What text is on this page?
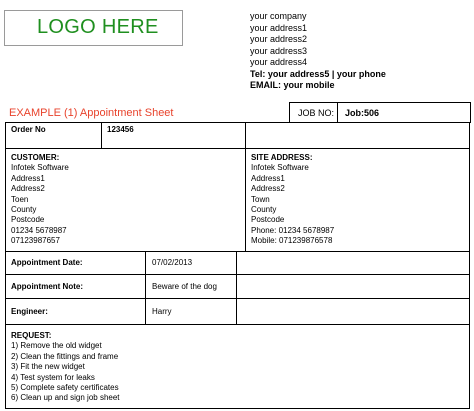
LOGO HERE	your company
your address1
your address2
your address3
your address4
Tel: your address5 | your phone
EMAIL: your mobile
EXAMPLE (1) Appointment Sheet	JOB NO: Job:506
Order No	123456
CUSTOMER:
Infotek Software
Address1
Address2
Toen
County
Postcode
01234 5678987
07123987657
SITE ADDRESS:
Infotek Software
Address1
Address2
Town
County
Postcode
Phone: 01234 5678987
Mobile: 071239876578
Appointment Date:	07/02/2013
Appointment Note:	Beware of the dog
Engineer:	Harry
REQUEST:
1) Remove the old widget
2) Clean the fittings and frame
3) Fit the new widget
4) Test system for leaks
5) Complete safety certificates
6) Clean up and sign job sheet
